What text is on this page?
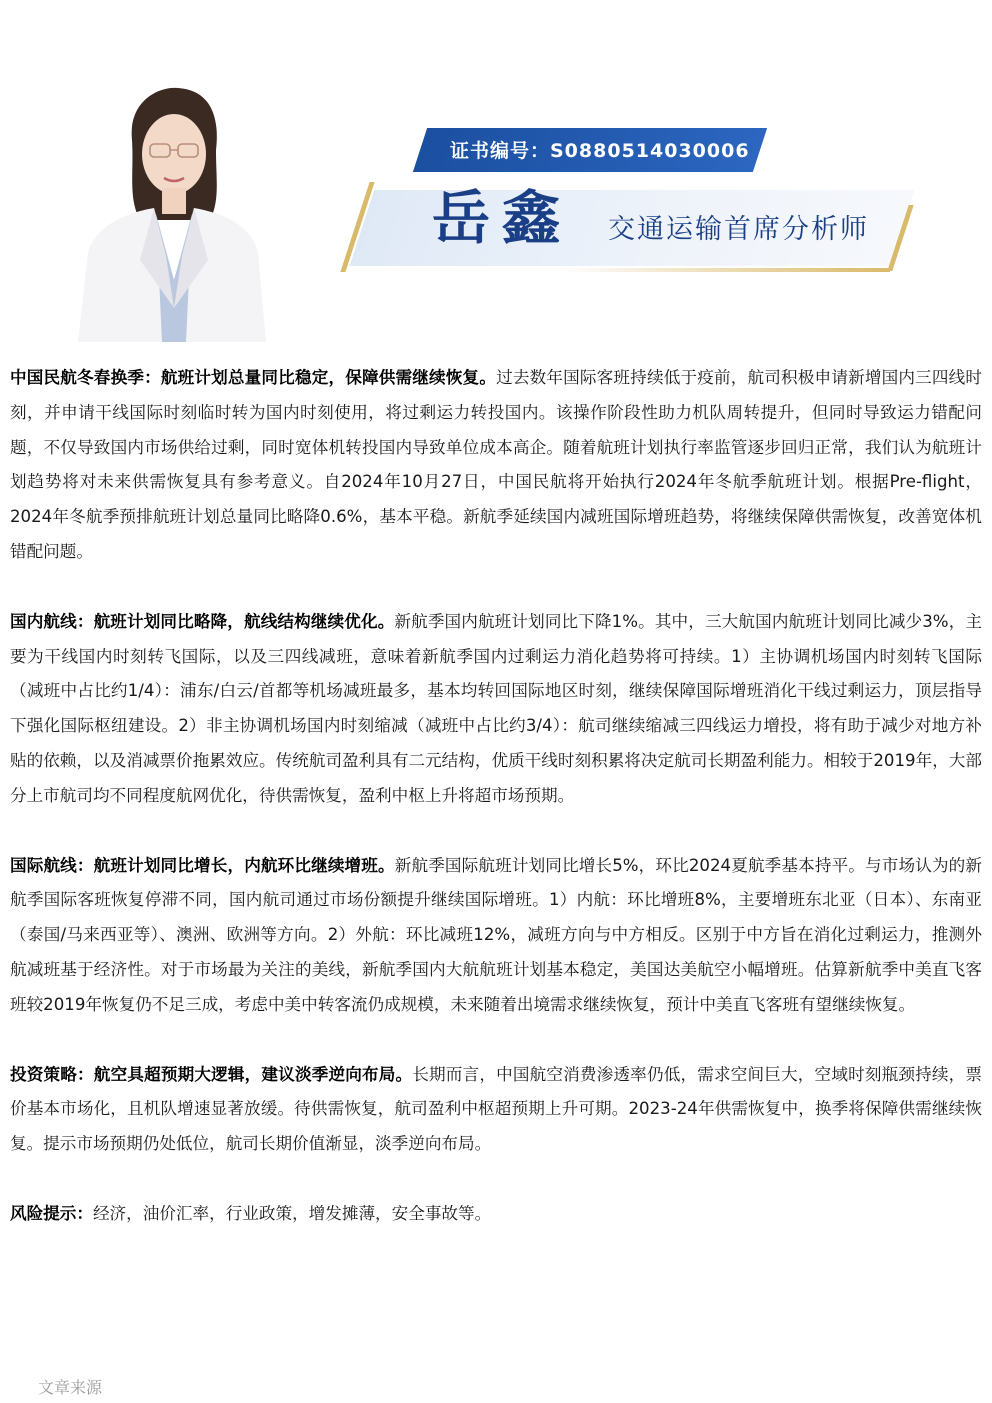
证书编号：S0880514030006
岳鑫 交通运输首席分析师

中国民航冬春换季：航班计划总量同比稳定，保障供需继续恢复。过去数年国际客班持续低于疫前，航司积极申请新增国内三四线时刻，并申请干线国际时刻临时转为国内时刻使用，将过剩运力转投国内。该操作阶段性助力机队周转提升，但同时导致运力错配问题，不仅导致国内市场供给过剩，同时宽体机转投国内导致单位成本高企。随着航班计划执行率监管逐步回归正常，我们认为航班计划趋势将对未来供需恢复具有参考意义。自2024年10月27日，中国民航将开始执行2024年冬航季航班计划。根据Pre-flight，2024年冬航季预排航班计划总量同比略降0.6%，基本平稳。新航季延续国内减班国际增班趋势，将继续保障供需恢复，改善宽体机错配问题。

国内航线：航班计划同比略降，航线结构继续优化。新航季国内航班计划同比下降1%。其中，三大航国内航班计划同比减少3%，主要为干线国内时刻转飞国际，以及三四线减班，意味着新航季国内过剩运力消化趋势将可持续。1）主协调机场国内时刻转飞国际（减班中占比约1/4）：浦东/白云/首都等机场减班最多，基本均转回国际地区时刻，继续保障国际增班消化干线过剩运力，顶层指导下强化国际枢纽建设。2）非主协调机场国内时刻缩减（减班中占比约3/4）：航司继续缩减三四线运力增投，将有助于减少对地方补贴的依赖，以及消减票价拖累效应。传统航司盈利具有二元结构，优质干线时刻积累将决定航司长期盈利能力。相较于2019年，大部分上市航司均不同程度航网优化，待供需恢复，盈利中枢上升将超市场预期。

国际航线：航班计划同比增长，内航环比继续增班。新航季国际航班计划同比增长5%，环比2024夏航季基本持平。与市场认为的新航季国际客班恢复停滞不同，国内航司通过市场份额提升继续国际增班。1）内航：环比增班8%，主要增班东北亚（日本）、东南亚（泰国/马来西亚等）、澳洲、欧洲等方向。2）外航：环比减班12%，减班方向与中方相反。区别于中方旨在消化过剩运力，推测外航减班基于经济性。对于市场最为关注的美线，新航季国内大航航班计划基本稳定，美国达美航空小幅增班。估算新航季中美直飞客班较2019年恢复仍不足三成，考虑中美中转客流仍成规模，未来随着出境需求继续恢复，预计中美直飞客班有望继续恢复。

投资策略：航空具超预期大逻辑，建议淡季逆向布局。长期而言，中国航空消费渗透率仍低，需求空间巨大，空域时刻瓶颈持续，票价基本市场化，且机队增速显著放缓。待供需恢复，航司盈利中枢超预期上升可期。2023-24年供需恢复中，换季将保障供需继续恢复。提示市场预期仍处低位，航司长期价值渐显，淡季逆向布局。

风险提示：经济，油价汇率，行业政策，增发摊薄，安全事故等。

文章来源
